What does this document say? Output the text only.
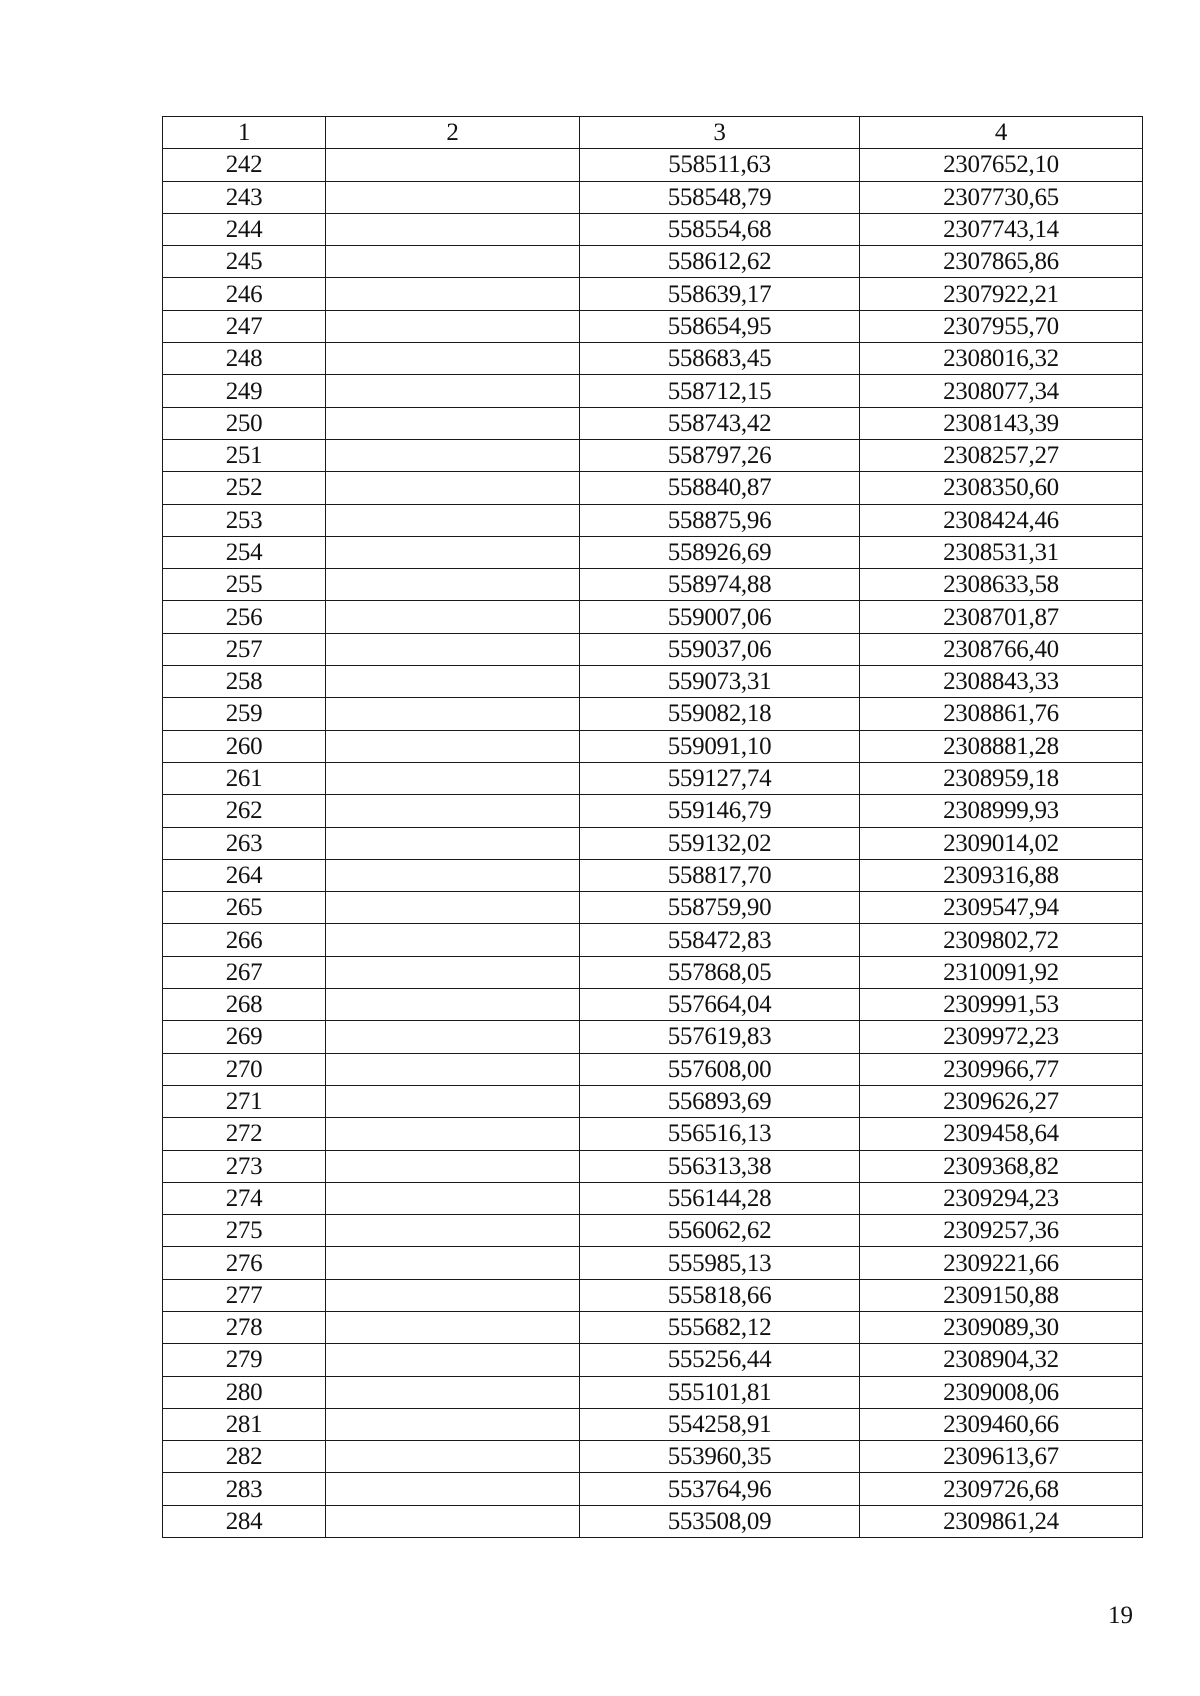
1	2	3	4
242		558511,63	2307652,10
243		558548,79	2307730,65
244		558554,68	2307743,14
245		558612,62	2307865,86
246		558639,17	2307922,21
247		558654,95	2307955,70
248		558683,45	2308016,32
249		558712,15	2308077,34
250		558743,42	2308143,39
251		558797,26	2308257,27
252		558840,87	2308350,60
253		558875,96	2308424,46
254		558926,69	2308531,31
255		558974,88	2308633,58
256		559007,06	2308701,87
257		559037,06	2308766,40
258		559073,31	2308843,33
259		559082,18	2308861,76
260		559091,10	2308881,28
261		559127,74	2308959,18
262		559146,79	2308999,93
263		559132,02	2309014,02
264		558817,70	2309316,88
265		558759,90	2309547,94
266		558472,83	2309802,72
267		557868,05	2310091,92
268		557664,04	2309991,53
269		557619,83	2309972,23
270		557608,00	2309966,77
271		556893,69	2309626,27
272		556516,13	2309458,64
273		556313,38	2309368,82
274		556144,28	2309294,23
275		556062,62	2309257,36
276		555985,13	2309221,66
277		555818,66	2309150,88
278		555682,12	2309089,30
279		555256,44	2308904,32
280		555101,81	2309008,06
281		554258,91	2309460,66
282		553960,35	2309613,67
283		553764,96	2309726,68
284		553508,09	2309861,24
19
